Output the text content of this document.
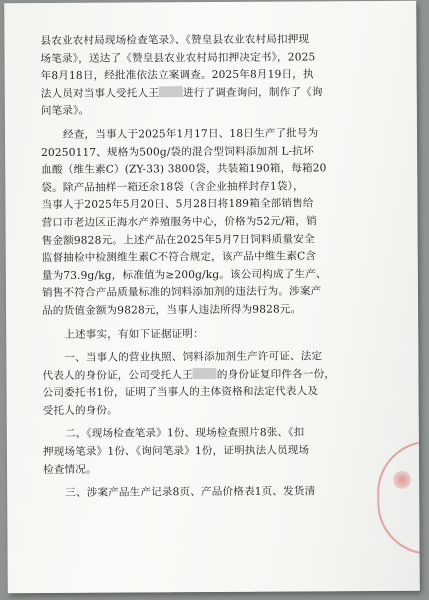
县农业农村局现场检查笔录》、《赞皇县农业农村局扣押现
场笔录》，送达了《赞皇县农业农村局扣押决定书》，2025
年8月18日，经批准依法立案调查。2025年8月19日，执
法人员对当事人受托人王 进行了调查询问，制作了《询
问笔录》。
经查，当事人于2025年1月17日、18日生产了批号为
20250117、规格为500g/袋的混合型饲料添加剂 L-抗坏
血酸（维生素C）(ZY-33) 3800袋，共装箱190箱，每箱20
袋。除产品抽样一箱还余18袋（含企业抽样封存1袋），
当事人于2025年5月20日、5月28日将189箱全部销售给
营口市老边区正海水产养殖服务中心，价格为52元/箱，销
售金额9828元。上述产品在2025年5月7日饲料质量安全
监督抽检中检测维生素C不符合规定，该产品中维生素C含
量为73.9g/kg，标准值为≥200g/kg。该公司构成了生产、
销售不符合产品质量标准的饲料添加剂的违法行为。涉案产
品的货值金额为9828元，当事人违法所得为9828元。
上述事实，有如下证据证明：
一、当事人的营业执照、饲料添加剂生产许可证、法定
代表人的身份证，公司受托人王 的身份证复印件各一份，
公司委托书1份，证明了当事人的主体资格和法定代表人及
受托人的身份。
二、《现场检查笔录》1份、现场检查照片8张、《扣
押现场笔录》1份、《询问笔录》1份，证明执法人员现场
检查情况。
三、涉案产品生产记录8页、产品价格表1页、发货清
